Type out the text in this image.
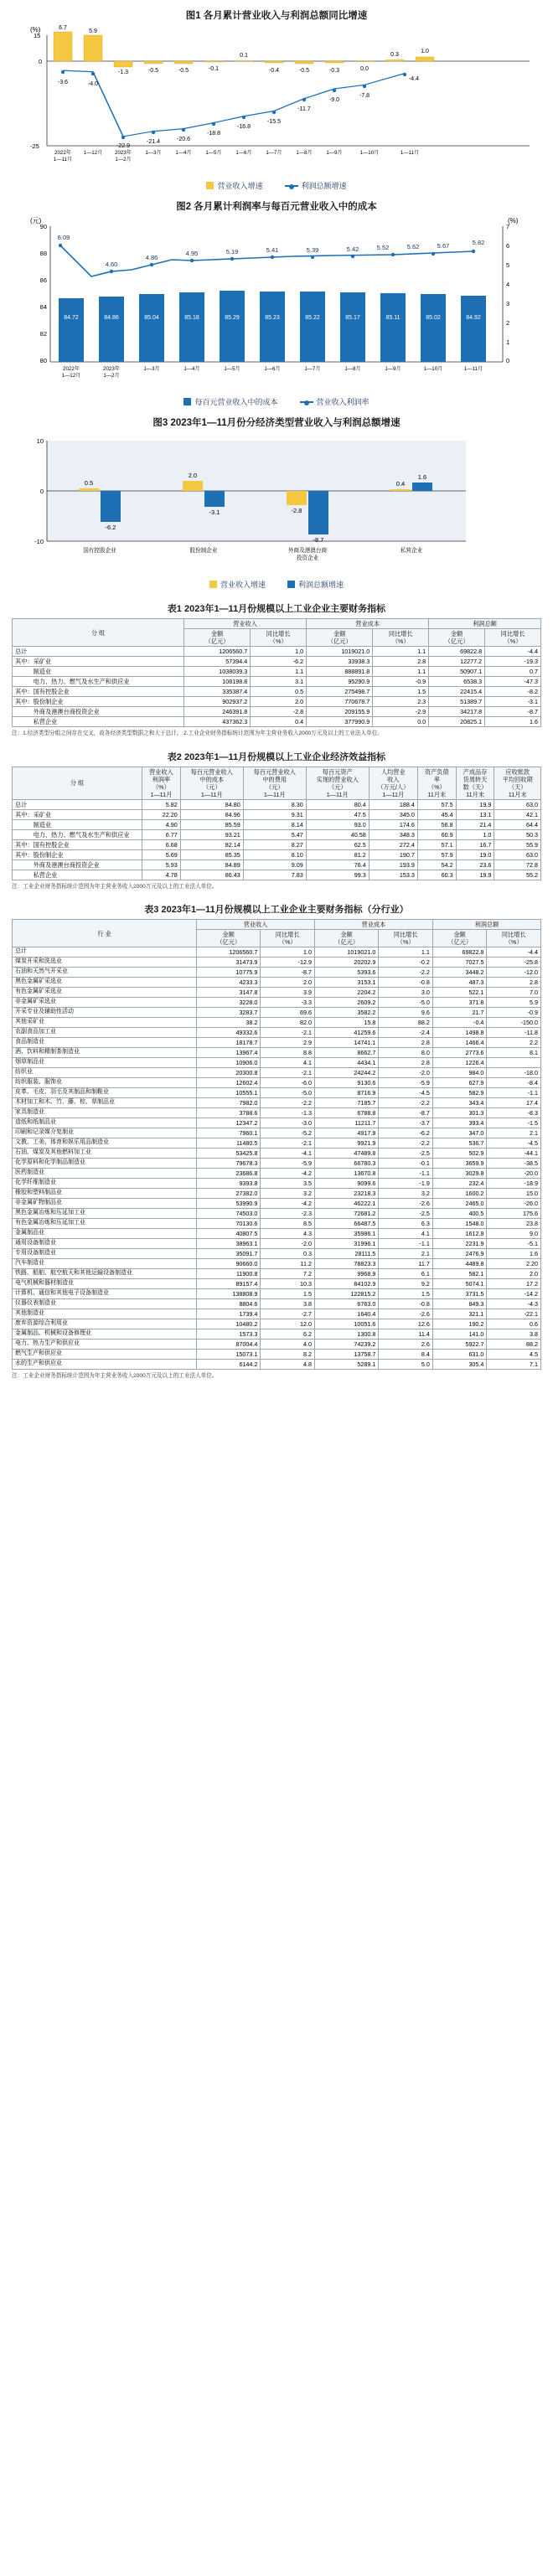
图1 各月累计营业收入与利润总额同比增速
(%)
15
0
-25
6.7
5.9
-1.3	-0.5	-0.5	-0.1
0.1
-0.4	-0.5	-0.3	0.0
0.3
1.0
-3.6	-4.0
-22.9
-21.4	-20.6
-18.8
-16.8
-15.5
-11.7
-9.0
-7.8
-4.4
2022年
1—11月
1—12月 2023年
1—2月
1—3月	1—4月	1—5月	1—6月	1—7月	1—8月	1—9月	1—10月	1—11月
营业收入增速	利润总额增速
图2 各月累计利润率与每百元营业收入中的成本
(元)	(%)
90
88
86
84
82
80
7
6
5
4
3
2
1
0
84.72	84.86	85.04	85.18	85.29	85.23	85.22	85.17	85.11	85.02	84.92
6.09
4.60
4.86
4.95	5.19	5.41	5.39	5.42	5.52	5.62	5.67	5.82
2022年
1—12月
2023年
1—2月
1—3月	1—4月	1—5月	1—6月	1—7月	1—8月	1—9月	1—10月	1—11月
每百元营业收入中的成本	营业收入利润率
图3 2023年1—11月份分经济类型营业收入与利润总额增速
10
0
-10
0.5
-6.2
2.0
-3.1	-2.8
-8.7
0.4
1.6
国有控股企业	股份制企业	外商及港澳台商
投资企业
私营企业
营业收入增速	利润总额增速
表1 2023年1—11月份规模以上工业企业主要财务指标
分 组	营业收入		营业成本		利润总额	
	金额
（亿元）	同比增长
（%）	金额
（亿元）	同比增长
（%）	金额
（亿元）	同比增长
（%）
总计	1206560.7	1.0	1019021.0	1.1	69822.8	-4.4
其中：采矿业	57394.4	-6.2	33938.3	2.8	12277.2	-19.3
　　　制造业	1038039.3	1.1	888891.8	1.1	50907.1	0.7
　　　电力、热力、燃气及水生产和供应业	108198.8	3.1	95290.9	-0.9	6538.3	-47.3
其中：国有控股企业	335387.4	0.5	275498.7	1.5	22415.4	-8.2
其中：股份制企业	902937.2	2.0	770678.7	2.3	51389.7	-3.1
　　　外商及港澳台商投资企业	246391.8	-2.8	209155.9	-2.9	34217.8	-8.7
　　　私营企业	437362.3	0.4	377990.9	0.0	20825.1	1.6
注：1.经济类型分组之间存在交叉，故各经济类型数据之和大于总计。 2.工业企业财务指标统计范围为年主营业务收入2000万元及以上的工业法人单位。
表2 2023年1—11月份规模以上工业企业经济效益指标
分 组	营业收入
利润率
（%）
1—11月	每百元营业收入
中的成本
（元）
1—11月	每百元营业收入
中的费用
（元）
1—11月	每百元资产
实现的营业收入
（元）
1—11月	人均营业
收入
（万元/人）
1—11月	资产负债
率
（%）
11月末	产成品存
货周转天
数（天）
11月末	应收账款
平均回收期
（天）
11月末
总计	5.82	84.80	8.30	80.4	188.4	57.5	19.9	63.0
其中：采矿业	22.20	84.96	9.31	47.5	345.0	45.4	13.1	42.1
　　　制造业	4.90	85.59	8.14	93.0	174.6	56.8	21.4	64.4
　　　电力、热力、燃气及水生产和供应业	6.77	93.21	5.47	40.58	348.3	60.9	1.0	50.3
其中：国有控股企业	6.68	82.14	8.27	62.5	272.4	57.1	16.7	55.9
其中：股份制企业	5.69	85.35	8.10	81.2	190.7	57.9	19.0	63.0
　　　外商及港澳台商投资企业	5.93	84.89	9.09	76.4	193.9	54.2	23.6	72.8
　　　私营企业	4.78	86.43	7.83	99.3	153.3	60.3	19.9	55.2
注：工业企业财务指标统计范围为年主营业务收入2000万元及以上的工业法人单位。
表3 2023年1—11月份规模以上工业企业主要财务指标（分行业）
行 业	营业收入		营业成本		利润总额	
	金额
（亿元）	同比增长
（%）	金额
（亿元）	同比增长
（%）	金额
（亿元）	同比增长
（%）
总计	1206560.7	1.0	1019021.0	1.1	69822.8	-4.4
煤炭开采和洗选业	31473.9	-12.9	20202.9	-0.2	7027.5	-25.8
石油和天然气开采业	10775.9	-8.7	5393.6	-2.2	3448.2	-12.0
黑色金属矿采选业	4233.3	2.0	3153.1	-0.8	487.3	2.8
有色金属矿采选业	3147.8	3.9	2204.2	3.0	522.1	7.0
非金属矿采选业	3228.0	-3.3	2609.2	-5.0	371.8	5.9
开采专业及辅助性活动	3283.7	69.6	3582.2	9.6	21.7	-0.9
其他采矿业	38.2	82.0	15.8	88.2	-0.4	-150.0
农副食品加工业	49332.6	-2.1	41259.6	-2.4	1498.8	-11.8
食品制造业	18178.7	2.9	14741.1	2.8	1466.4	2.2
酒、饮料和精制茶制造业	13967.4	8.8	8662.7	8.0	2773.6	8.1
烟草制品业	10906.0	4.1	4434.1	2.8	1226.4	
纺织业	20300.8	-2.1	24244.2	-2.0	984.0	-18.0
纺织服装、服饰业	12602.4	-6.0	9130.6	-5.9	627.9	-8.4
皮革、毛皮、羽毛及其制品和制鞋业	10555.1	-5.0	8716.9	-4.5	582.9	-1.1
木材加工和木、竹、藤、棕、草制品业	7982.0	-2.2	7185.7	-2.2	343.4	17.4
家具制造业	3788.6	-1.3	6788.8	-8.7	301.3	-8.3
造纸和纸制品业	12347.2	-3.0	11211.7	-3.7	393.4	-1.5
印刷和记录媒介复制业	7960.1	-5.2	4917.9	-6.2	347.0	2.1
文教、工美、体育和娱乐用品制造业	11480.5	-2.1	9921.9	-2.2	536.7	-4.5
石油、煤炭及其他燃料加工业	53425.8	-4.1	47489.8	-2.5	502.9	-44.1
化学原料和化学制品制造业	79678.3	-5.9	66780.3	-0.1	3659.9	-38.5
医药制造业	23686.8	-4.2	13670.8	-1.1	3029.8	-20.0
化学纤维制造业	9393.8	3.5	9099.6	-1.9	232.4	-18.9
橡胶和塑料制品业	27382.0	3.2	23218.3	3.2	1600.2	15.0
非金属矿物制品业	53990.9	-4.2	46222.1	-2.6	2465.0	-26.0
黑色金属冶炼和压延加工业	74503.0	-2.3	72681.2	-2.5	400.5	175.6
有色金属冶炼和压延加工业	70130.6	8.5	66487.5	6.3	1548.0	23.8
金属制品业	40807.5	4.3	35986.1	4.1	1612.8	9.0
通用设备制造业	38963.1	-2.0	31996.1	-1.1	2231.9	-5.1
专用设备制造业	35091.7	0.3	28111.5	2.1	2476.9	1.6
汽车制造业	90660.0	11.2	78823.3	11.7	4489.8	2.20
铁路、船舶、航空航天和其他运输设备制造业	11900.8	7.2	9968.9	6.1	582.1	2.0
电气机械和器材制造业	89157.4	10.3	84102.9	9.2	5074.1	17.2
计算机、通信和其他电子设备制造业	138808.9	1.5	122815.2	1.5	3731.5	-14.2
仪器仪表制造业	8804.6	3.8	6763.0	-0.8	849.3	-4.3
其他制造业	1739.4	-2.7	1640.4	-2.6	321.1	-22.1
废弃资源综合利用业	10480.2	12.0	10051.6	12.6	190.2	0.6
金属制品、机械和设备修理业	1573.3	6.2	1300.8	11.4	141.0	3.8
电力、热力生产和供应业	87004.4	4.0	74239.2	2.6	5922.7	88.2
燃气生产和供应业	15073.1	8.2	13758.7	8.4	631.0	4.5
水的生产和供应业	6144.2	4.8	5289.1	5.0	305.4	7.1
注：工业企业财务指标统计范围为年主营业务收入2000万元及以上的工业法人单位。
